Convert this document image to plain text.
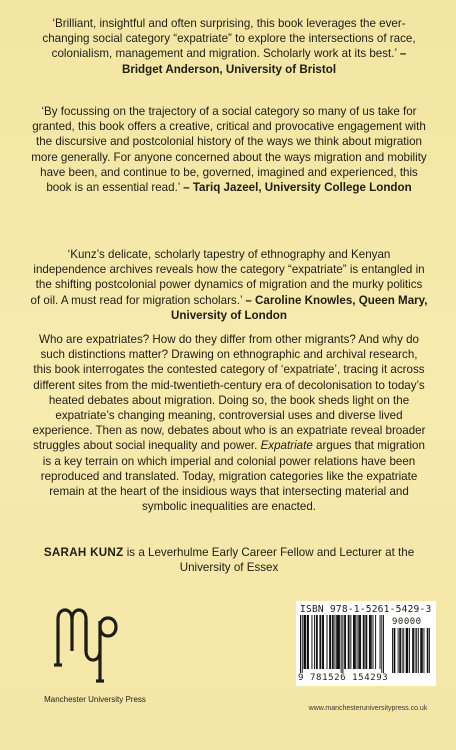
‘Brilliant, insightful and often surprising, this book leverages the ever-changing social category “expatriate” to explore the intersections of race, colonialism, management and migration. Scholarly work at its best.’ – Bridget Anderson, University of Bristol

‘By focussing on the trajectory of a social category so many of us take for granted, this book offers a creative, critical and provocative engagement with the discursive and postcolonial history of the ways we think about migration more generally. For anyone concerned about the ways migration and mobility have been, and continue to be, governed, imagined and experienced, this book is an essential read.’ – Tariq Jazeel, University College London

‘Kunz’s delicate, scholarly tapestry of ethnography and Kenyan independence archives reveals how the category “expatriate” is entangled in the shifting postcolonial power dynamics of migration and the murky politics of oil. A must read for migration scholars.’ – Caroline Knowles, Queen Mary, University of London

Who are expatriates? How do they differ from other migrants? And why do such distinctions matter? Drawing on ethnographic and archival research, this book interrogates the contested category of ‘expatriate’, tracing it across different sites from the mid-twentieth-century era of decolonisation to today’s heated debates about migration. Doing so, the book sheds light on the expatriate’s changing meaning, controversial uses and diverse lived experience. Then as now, debates about who is an expatriate reveal broader struggles about social inequality and power. Expatriate argues that migration is a key terrain on which imperial and colonial power relations have been reproduced and translated. Today, migration categories like the expatriate remain at the heart of the insidious ways that intersecting material and symbolic inequalities are enacted.

SARAH KUNZ is a Leverhulme Early Career Fellow and Lecturer at the University of Essex

Manchester University Press
ISBN 978-1-5261-5429-3
90000
9 781526 154293
www.manchesteruniversitypress.co.uk
